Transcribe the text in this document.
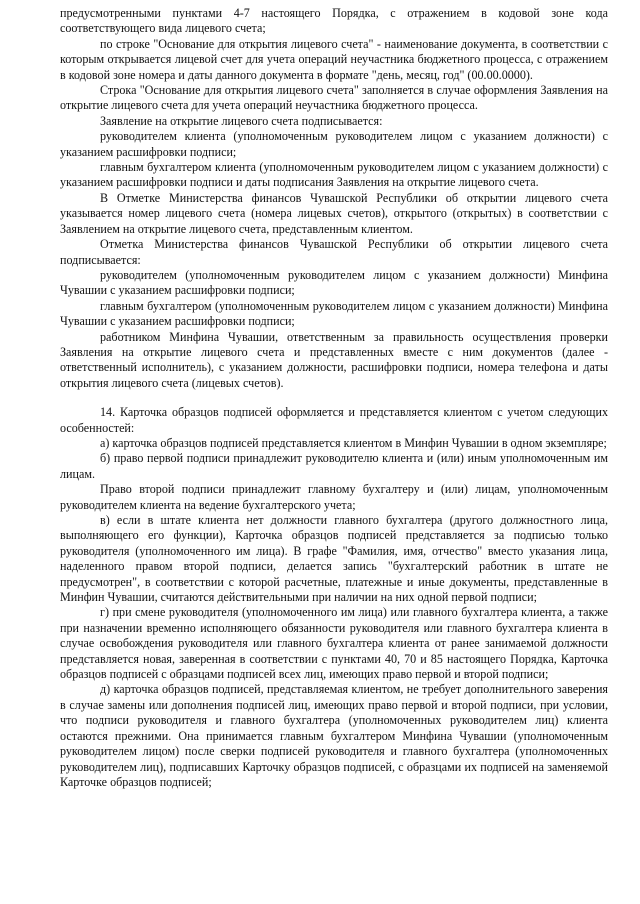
предусмотренными пунктами 4-7 настоящего Порядка, с отражением в кодовой зоне кода соответствующего вида лицевого счета;

по строке "Основание для открытия лицевого счета" - наименование документа, в соответствии с которым открывается лицевой счет для учета операций неучастника бюджетного процесса, с отражением в кодовой зоне номера и даты данного документа в формате "день, месяц, год" (00.00.0000).

Строка "Основание для открытия лицевого счета" заполняется в случае оформления Заявления на открытие лицевого счета для учета операций неучастника бюджетного процесса.

Заявление на открытие лицевого счета подписывается:

руководителем клиента (уполномоченным руководителем лицом с указанием должности) с указанием расшифровки подписи;

главным бухгалтером клиента (уполномоченным руководителем лицом с указанием должности) с указанием расшифровки подписи и даты подписания Заявления на открытие лицевого счета.

В Отметке Министерства финансов Чувашской Республики об открытии лицевого счета указывается номер лицевого счета (номера лицевых счетов), открытого (открытых) в соответствии с Заявлением на открытие лицевого счета, представленным клиентом.

Отметка Министерства финансов Чувашской Республики об открытии лицевого счета подписывается:

руководителем (уполномоченным руководителем лицом с указанием должности) Минфина Чувашии с указанием расшифровки подписи;

главным бухгалтером (уполномоченным руководителем лицом с указанием должности) Минфина Чувашии с указанием расшифровки подписи;

работником Минфина Чувашии, ответственным за правильность осуществления проверки Заявления на открытие лицевого счета и представленных вместе с ним документов (далее - ответственный исполнитель), с указанием должности, расшифровки подписи, номера телефона и даты открытия лицевого счета (лицевых счетов).

14. Карточка образцов подписей оформляется и представляется клиентом с учетом следующих особенностей:

а) карточка образцов подписей представляется клиентом в Минфин Чувашии в одном экземпляре;

б) право первой подписи принадлежит руководителю клиента и (или) иным уполномоченным им лицам.

Право второй подписи принадлежит главному бухгалтеру и (или) лицам, уполномоченным руководителем клиента на ведение бухгалтерского учета;

в) если в штате клиента нет должности главного бухгалтера (другого должностного лица, выполняющего его функции), Карточка образцов подписей представляется за подписью только руководителя (уполномоченного им лица). В графе "Фамилия, имя, отчество" вместо указания лица, наделенного правом второй подписи, делается запись "бухгалтерский работник в штате не предусмотрен", в соответствии с которой расчетные, платежные и иные документы, представленные в Минфин Чувашии, считаются действительными при наличии на них одной первой подписи;

г) при смене руководителя (уполномоченного им лица) или главного бухгалтера клиента, а также при назначении временно исполняющего обязанности руководителя или главного бухгалтера клиента в случае освобождения руководителя или главного бухгалтера клиента от ранее занимаемой должности представляется новая, заверенная в соответствии с пунктами 40, 70 и 85 настоящего Порядка, Карточка образцов подписей с образцами подписей всех лиц, имеющих право первой и второй подписи;

д) карточка образцов подписей, представляемая клиентом, не требует дополнительного заверения в случае замены или дополнения подписей лиц, имеющих право первой и второй подписи, при условии, что подписи руководителя и главного бухгалтера (уполномоченных руководителем лиц) клиента остаются прежними. Она принимается главным бухгалтером Минфина Чувашии (уполномоченным руководителем лицом) после сверки подписей руководителя и главного бухгалтера (уполномоченных руководителем лиц), подписавших Карточку образцов подписей, с образцами их подписей на заменяемой Карточке образцов подписей;
